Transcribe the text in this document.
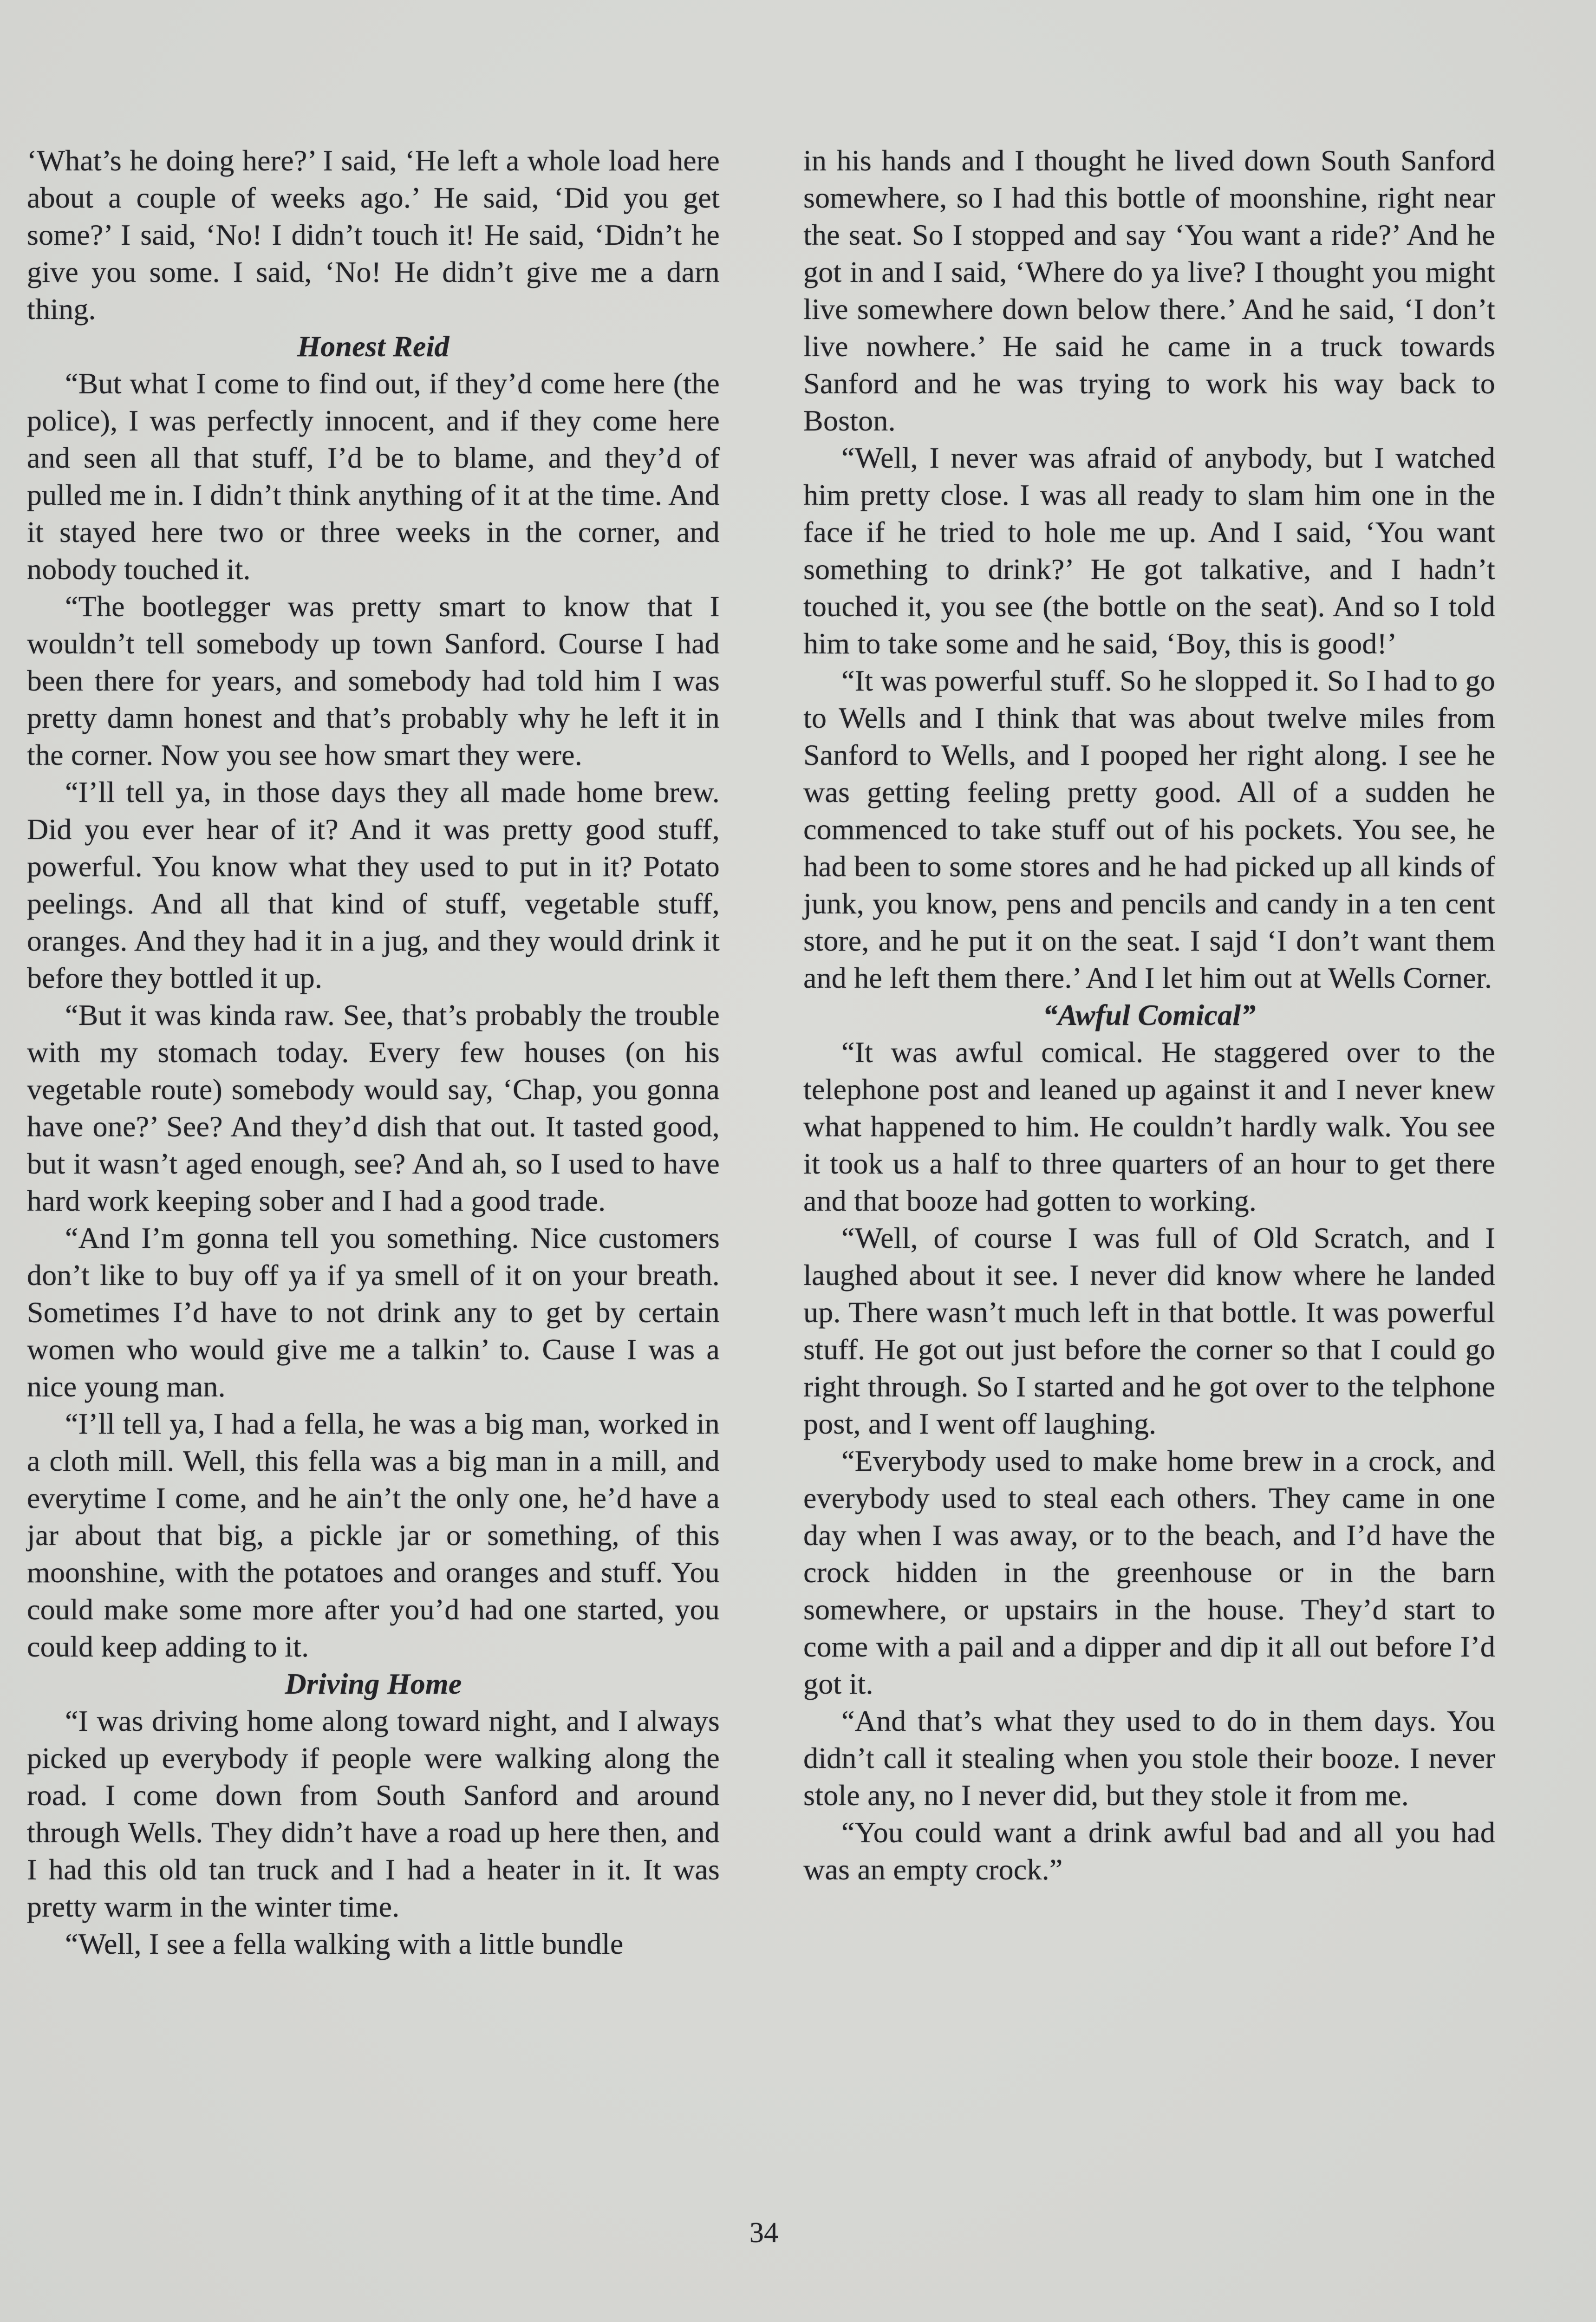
‘What’s he doing here?’ I said, ‘He left a whole load here about a couple of weeks ago.’ He said, ‘Did you get some?’ I said, ‘No! I didn’t touch it! He said, ‘Didn’t he give you some. I said, ‘No! He didn’t give me a darn thing.

Honest Reid

“But what I come to find out, if they’d come here (the police), I was perfectly innocent, and if they come here and seen all that stuff, I’d be to blame, and they’d of pulled me in. I didn’t think anything of it at the time. And it stayed here two or three weeks in the corner, and nobody touched it.

“The bootlegger was pretty smart to know that I wouldn’t tell somebody up town Sanford. Course I had been there for years, and somebody had told him I was pretty damn honest and that’s probably why he left it in the corner. Now you see how smart they were.

“I’ll tell ya, in those days they all made home brew. Did you ever hear of it? And it was pretty good stuff, powerful. You know what they used to put in it? Potato peelings. And all that kind of stuff, vegetable stuff, oranges. And they had it in a jug, and they would drink it before they bottled it up.

“But it was kinda raw. See, that’s probably the trouble with my stomach today. Every few houses (on his vegetable route) somebody would say, ‘Chap, you gonna have one?’ See? And they’d dish that out. It tasted good, but it wasn’t aged enough, see? And ah, so I used to have hard work keeping sober and I had a good trade.

“And I’m gonna tell you something. Nice customers don’t like to buy off ya if ya smell of it on your breath. Sometimes I’d have to not drink any to get by certain women who would give me a talkin’ to. Cause I was a nice young man.

“I’ll tell ya, I had a fella, he was a big man, worked in a cloth mill. Well, this fella was a big man in a mill, and everytime I come, and he ain’t the only one, he’d have a jar about that big, a pickle jar or something, of this moonshine, with the potatoes and oranges and stuff. You could make some more after you’d had one started, you could keep adding to it.

Driving Home

“I was driving home along toward night, and I always picked up everybody if people were walking along the road. I come down from South Sanford and around through Wells. They didn’t have a road up here then, and I had this old tan truck and I had a heater in it. It was pretty warm in the winter time.

“Well, I see a fella walking with a little bundle

in his hands and I thought he lived down South Sanford somewhere, so I had this bottle of moonshine, right near the seat. So I stopped and say ‘You want a ride?’ And he got in and I said, ‘Where do ya live? I thought you might live somewhere down below there.’ And he said, ‘I don’t live nowhere.’ He said he came in a truck towards Sanford and he was trying to work his way back to Boston.

“Well, I never was afraid of anybody, but I watched him pretty close. I was all ready to slam him one in the face if he tried to hole me up. And I said, ‘You want something to drink?’ He got talkative, and I hadn’t touched it, you see (the bottle on the seat). And so I told him to take some and he said, ‘Boy, this is good!’

“It was powerful stuff. So he slopped it. So I had to go to Wells and I think that was about twelve miles from Sanford to Wells, and I pooped her right along. I see he was getting feeling pretty good. All of a sudden he commenced to take stuff out of his pockets. You see, he had been to some stores and he had picked up all kinds of junk, you know, pens and pencils and candy in a ten cent store, and he put it on the seat. I sajd ‘I don’t want them and he left them there.’ And I let him out at Wells Corner.

“Awful Comical”

“It was awful comical. He staggered over to the telephone post and leaned up against it and I never knew what happened to him. He couldn’t hardly walk. You see it took us a half to three quarters of an hour to get there and that booze had gotten to working.

“Well, of course I was full of Old Scratch, and I laughed about it see. I never did know where he landed up. There wasn’t much left in that bottle. It was powerful stuff. He got out just before the corner so that I could go right through. So I started and he got over to the telphone post, and I went off laughing.

“Everybody used to make home brew in a crock, and everybody used to steal each others. They came in one day when I was away, or to the beach, and I’d have the crock hidden in the greenhouse or in the barn somewhere, or upstairs in the house. They’d start to come with a pail and a dipper and dip it all out before I’d got it.

“And that’s what they used to do in them days. You didn’t call it stealing when you stole their booze. I never stole any, no I never did, but they stole it from me.

“You could want a drink awful bad and all you had was an empty crock.”

34
